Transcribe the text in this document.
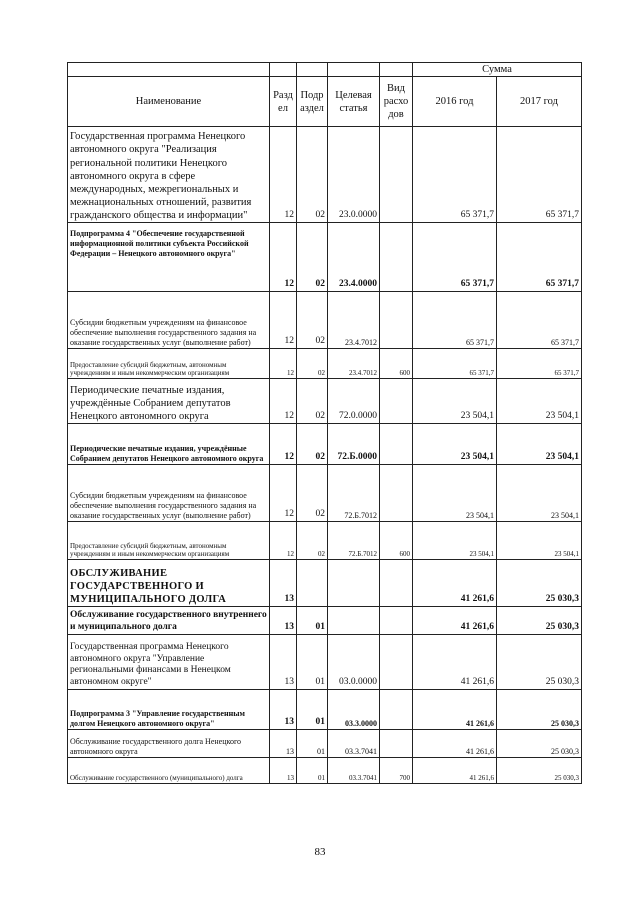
					Сумма	
Наименование	Разд ел	Подр аздел	Целевая статья	Вид расхо дов	2016 год	2017 год
Государственная программа Ненецкого автономного округа "Реализация региональной политики Ненецкого автономного округа в сфере международных, межрегиональных и межнациональных отношений, развития гражданского общества и информации"	12	02	23.0.0000		65 371,7	65 371,7
Подпрограмма 4 "Обеспечение государственной информационной политики субъекта Российской Федерации – Ненецкого автономного округа"	12	02	23.4.0000		65 371,7	65 371,7
Субсидии бюджетным учреждениям на финансовое обеспечение выполнения государственного задания на оказание государственных услуг (выполнение работ)	12	02	23.4.7012		65 371,7	65 371,7
Предоставление субсидий бюджетным, автономным учреждениям и иным некоммерческим организациям	12	02	23.4.7012	600	65 371,7	65 371,7
Периодические печатные издания, учреждённые Собранием депутатов Ненецкого автономного округа	12	02	72.0.0000		23 504,1	23 504,1
Периодические печатные издания, учреждённые Собранием депутатов Ненецкого автономного округа	12	02	72.Б.0000		23 504,1	23 504,1
Субсидии бюджетным учреждениям на финансовое обеспечение выполнения государственного задания на оказание государственных услуг (выполнение работ)	12	02	72.Б.7012		23 504,1	23 504,1
Предоставление субсидий бюджетным, автономным учреждениям и иным некоммерческим организациям	12	02	72.Б.7012	600	23 504,1	23 504,1
ОБСЛУЖИВАНИЕ ГОСУДАРСТВЕННОГО И МУНИЦИПАЛЬНОГО ДОЛГА	13				41 261,6	25 030,3
Обслуживание государственного внутреннего и муниципального долга	13	01			41 261,6	25 030,3
Государственная программа Ненецкого автономного округа "Управление региональными финансами в Ненецком автономном округе"	13	01	03.0.0000		41 261,6	25 030,3
Подпрограмма 3 "Управление государственным долгом Ненецкого автономного округа"	13	01	03.3.0000		41 261,6	25 030,3
Обслуживание государственного долга Ненецкого автономного округа	13	01	03.3.7041		41 261,6	25 030,3
Обслуживание государственного (муниципального) долга	13	01	03.3.7041	700	41 261,6	25 030,3
83
